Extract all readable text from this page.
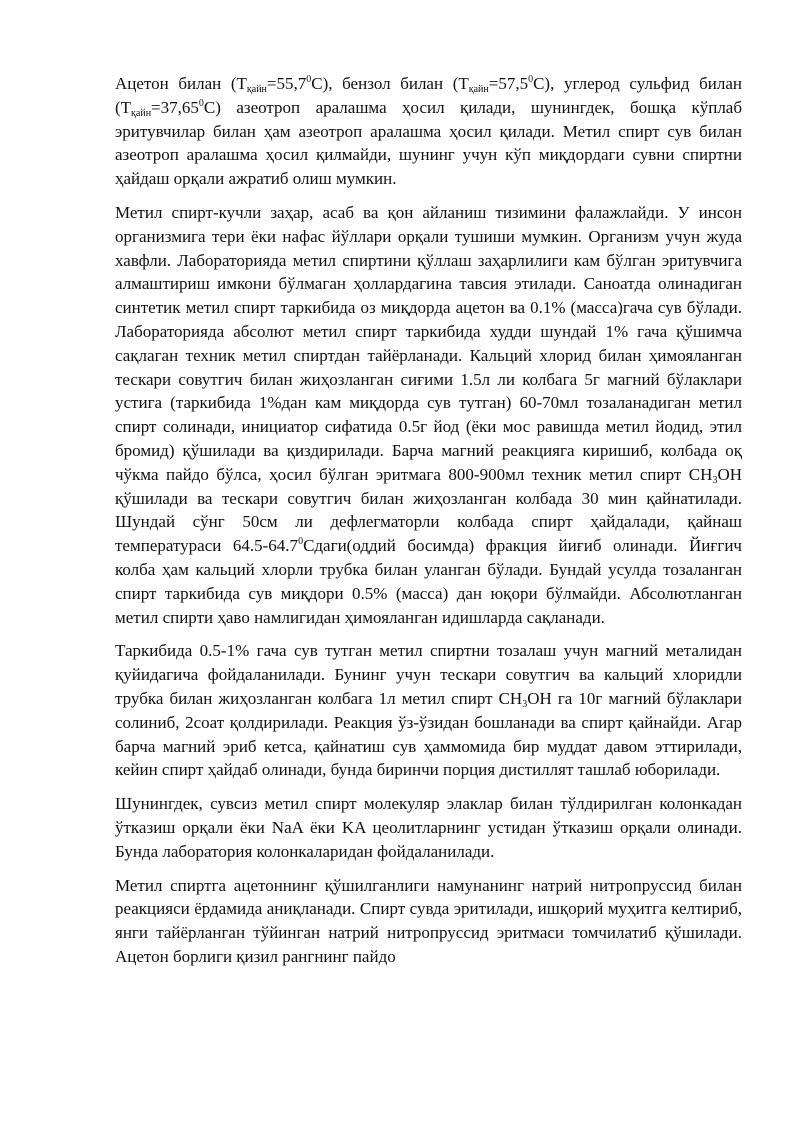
Ацетон билан $(Т_{қайн}=55,7^0С)$, бензол билан $(Т_{қайн}=57,5^0С)$, углерод сульфид билан $(Т_{қайн}=37,65^0С)$ азеотроп аралашма ҳосил қилади, шунингдек, бошқа кўплаб эритувчилар билан ҳам азеотроп аралашма ҳосил қилади. Метил спирт сув билан азеотроп аралашма ҳосил қилмайди, шунинг учун кўп миқдордаги сувни спиртни ҳайдаш орқали ажратиб олиш мумкин.

Метил спирт-кучли заҳар, асаб ва қон айланиш тизимини фалажлайди. У инсон организмига тери ёки нафас йўллари орқали тушиши мумкин. Организм учун жуда хавфли. Лабораторияда метил спиртини қўллаш заҳарлилиги кам бўлган эритувчига алмаштириш имкони бўлмаган ҳоллардагина тавсия этилади. Саноатда олинадиган синтетик метил спирт таркибида оз миқдорда ацетон ва 0.1% (масса)гача сув бўлади. Лабораторияда абсолют метил спирт таркибида худди шундай 1% гача қўшимча сақлаган техник метил спиртдан тайёрланади. Кальций хлорид билан ҳимояланган тескари совутгич билан жиҳозланган сиғими 1.5л ли колбага 5г магний бўлаклари устига (таркибида 1%дан кам миқдорда сув тутган) 60-70мл тозаланадиган метил спирт солинади, инициатор сифатида 0.5г йод (ёки мос равишда метил йодид, этил бромид) қўшилади ва қиздирилади. Барча магний реакцияга киришиб, колбада оқ чўкма пайдо бўлса, ҳосил бўлган эритмага 800-900мл техник метил спирт $СН_3ОН$ қўшилади ва тескари совутгич билан жиҳозланган колбада 30 мин қайнатилади. Шундай сўнг 50см ли дефлегматорли колбада спирт ҳайдалади, қайнаш температураси 64.5-64.7$^0$Сдаги(оддий босимда) фракция йиғиб олинади. Йиғгич колба ҳам кальций хлорли трубка билан уланган бўлади. Бундай усулда тозаланган спирт таркибида сув миқдори 0.5% (масса) дан юқори бўлмайди. Абсолютланган метил спирти ҳаво намлигидан ҳимояланган идишларда сақланади.

Таркибида 0.5-1% гача сув тутган метил спиртни тозалаш учун магний металидан қуйидагича фойдаланилади. Бунинг учун тескари совутгич ва кальций хлоридли трубка билан жиҳозланган колбага 1л метил спирт $СН_3ОН$ га 10г магний бўлаклари солиниб, 2соат қолдирилади. Реакция ўз-ўзидан бошланади ва спирт қайнайди. Агар барча магний эриб кетса, қайнатиш сув ҳаммомида бир муддат давом эттирилади, кейин спирт ҳайдаб олинади, бунда биринчи порция дистиллят ташлаб юборилади.

Шунингдек, сувсиз метил спирт молекуляр элаклар билан тўлдирилган колонкадан ўтказиш орқали ёки NaA ёки KA цеолитларнинг устидан ўтказиш орқали олинади. Бунда лаборатория колонкаларидан фойдаланилади.

Метил спиртга ацетоннинг қўшилганлиги намунанинг натрий нитропруссид билан реакцияси ёрдамида аниқланади. Спирт сувда эритилади, ишқорий муҳитга келтириб, янги тайёрланган тўйинган натрий нитропруссид эритмаси томчилатиб қўшилади. Ацетон борлиги қизил рангнинг пайдо
